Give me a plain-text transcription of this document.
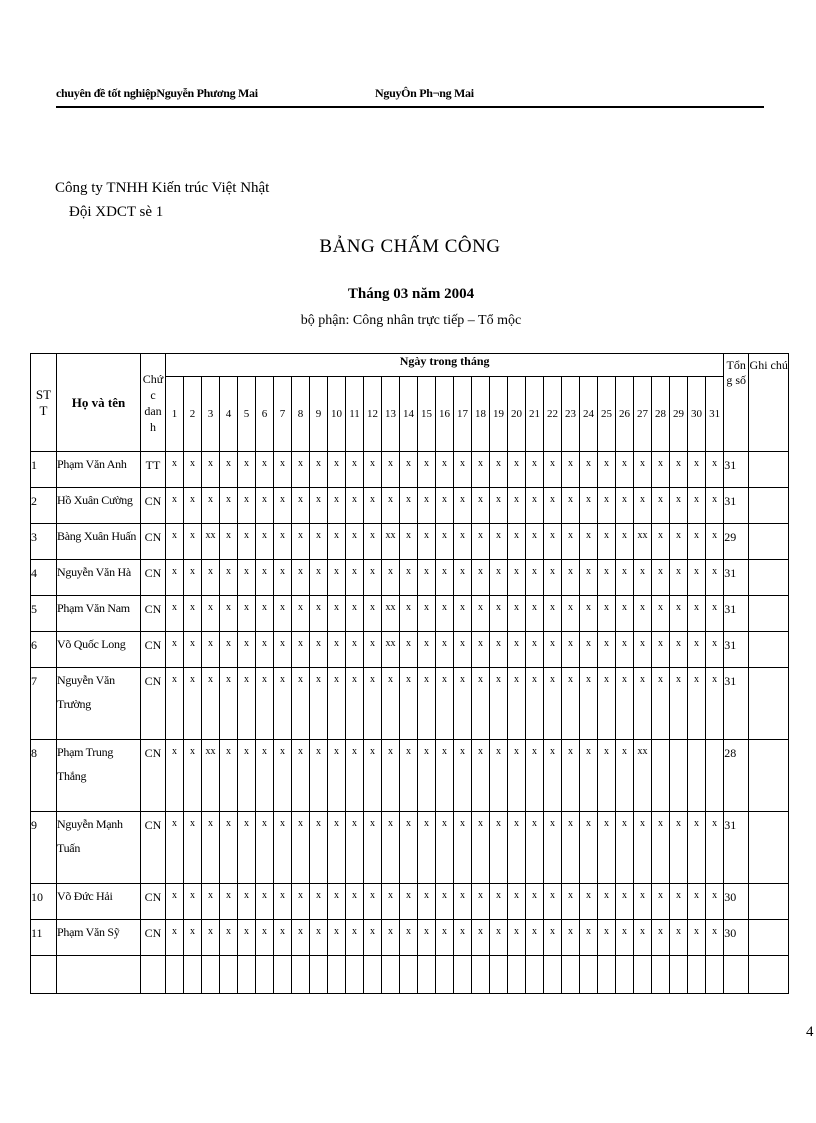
chuyên đề tốt nghiệpNguyễn Phương Mai	NguyÔn Ph¬ng Mai
Công ty TNHH Kiến trúc Việt Nhật
Đội XDCT sè 1
BẢNG CHẤM CÔNG
Tháng 03 năm 2004
bộ phận: Công nhân trực tiếp – Tổ mộc
ST T	Họ và tên	Chứ c dan h	Ngày trong tháng																															Tổn g số	Ghi chú
			1	2	3	4	5	6	7	8	9	10	11	12	13	14	15	16	17	18	19	20	21	22	23	24	25	26	27	28	29	30	31		
1	Phạm Văn Anh	TT	x	x	x	x	x	x	x	x	x	x	x	x	x	x	x	x	x	x	x	x	x	x	x	x	x	x	x	x	x	x	x	31	
2	Hồ Xuân Cường	CN	x	x	x	x	x	x	x	x	x	x	x	x	x	x	x	x	x	x	x	x	x	x	x	x	x	x	x	x	x	x	x	31	
3	Bàng Xuân Huấn	CN	x	x	xx	x	x	x	x	x	x	x	x	x	xx	x	x	x	x	x	x	x	x	x	x	x	x	x	xx	x	x	x	x	29	
4	Nguyễn Văn Hà	CN	x	x	x	x	x	x	x	x	x	x	x	x	x	x	x	x	x	x	x	x	x	x	x	x	x	x	x	x	x	x	x	31	
5	Phạm Văn Nam	CN	x	x	x	x	x	x	x	x	x	x	x	x	xx	x	x	x	x	x	x	x	x	x	x	x	x	x	x	x	x	x	x	31	
6	Võ Quốc Long	CN	x	x	x	x	x	x	x	x	x	x	x	x	xx	x	x	x	x	x	x	x	x	x	x	x	x	x	x	x	x	x	x	31	
7	Nguyễn Văn Trường	CN	x	x	x	x	x	x	x	x	x	x	x	x	x	x	x	x	x	x	x	x	x	x	x	x	x	x	x	x	x	x	x	31	
8	Phạm Trung Thắng	CN	x	x	xx	x	x	x	x	x	x	x	x	x	x	x	x	x	x	x	x	x	x	x	x	x	x	x	xx					28	
9	Nguyễn Mạnh Tuấn	CN	x	x	x	x	x	x	x	x	x	x	x	x	x	x	x	x	x	x	x	x	x	x	x	x	x	x	x	x	x	x	x	31	
10	Võ Đức Hải	CN	x	x	x	x	x	x	x	x	x	x	x	x	x	x	x	x	x	x	x	x	x	x	x	x	x	x	x	x	x	x	x	30	
11	Phạm Văn Sỹ	CN	x	x	x	x	x	x	x	x	x	x	x	x	x	x	x	x	x	x	x	x	x	x	x	x	x	x	x	x	x	x	x	30	

4
